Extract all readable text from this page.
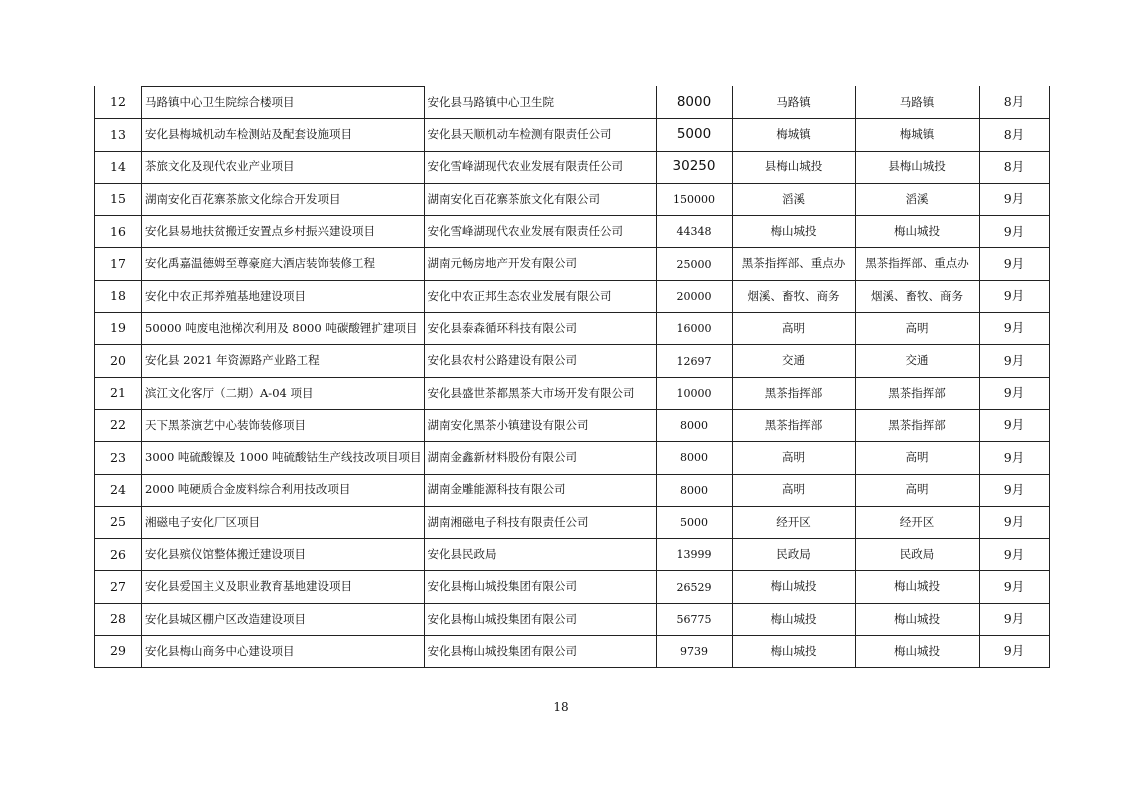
12	马路镇中心卫生院综合楼项目	安化县马路镇中心卫生院	8000	马路镇	马路镇	8月
13	安化县梅城机动车检测站及配套设施项目	安化县天顺机动车检测有限责任公司	5000	梅城镇	梅城镇	8月
14	茶旅文化及现代农业产业项目	安化雪峰湖现代农业发展有限责任公司	30250	县梅山城投	县梅山城投	8月
15	湖南安化百花寨茶旅文化综合开发项目	湖南安化百花寨茶旅文化有限公司	150000	滔溪	滔溪	9月
16	安化县易地扶贫搬迁安置点乡村振兴建设项目	安化雪峰湖现代农业发展有限责任公司	44348	梅山城投	梅山城投	9月
17	安化禹嘉温德姆至尊豪庭大酒店装饰装修工程	湖南元畅房地产开发有限公司	25000	黑茶指挥部、重点办	黑茶指挥部、重点办	9月
18	安化中农正邦养殖基地建设项目	安化中农正邦生态农业发展有限公司	20000	烟溪、畜牧、商务	烟溪、畜牧、商务	9月
19	50000 吨废电池梯次利用及 8000 吨碳酸锂扩建项目	安化县泰森循环科技有限公司	16000	高明	高明	9月
20	安化县 2021 年资源路产业路工程	安化县农村公路建设有限公司	12697	交通	交通	9月
21	滨江文化客厅（二期）A-04 项目	安化县盛世茶都黑茶大市场开发有限公司	10000	黑茶指挥部	黑茶指挥部	9月
22	天下黑茶演艺中心装饰装修项目	湖南安化黑茶小镇建设有限公司	8000	黑茶指挥部	黑茶指挥部	9月
23	3000 吨硫酸镍及 1000 吨硫酸钴生产线技改项目项目	湖南金鑫新材料股份有限公司	8000	高明	高明	9月
24	2000 吨硬质合金废料综合利用技改项目	湖南金雕能源科技有限公司	8000	高明	高明	9月
25	湘磁电子安化厂区项目	湖南湘磁电子科技有限责任公司	5000	经开区	经开区	9月
26	安化县殡仪馆整体搬迁建设项目	安化县民政局	13999	民政局	民政局	9月
27	安化县爱国主义及职业教育基地建设项目	安化县梅山城投集团有限公司	26529	梅山城投	梅山城投	9月
28	安化县城区棚户区改造建设项目	安化县梅山城投集团有限公司	56775	梅山城投	梅山城投	9月
29	安化县梅山商务中心建设项目	安化县梅山城投集团有限公司	9739	梅山城投	梅山城投	9月
18
